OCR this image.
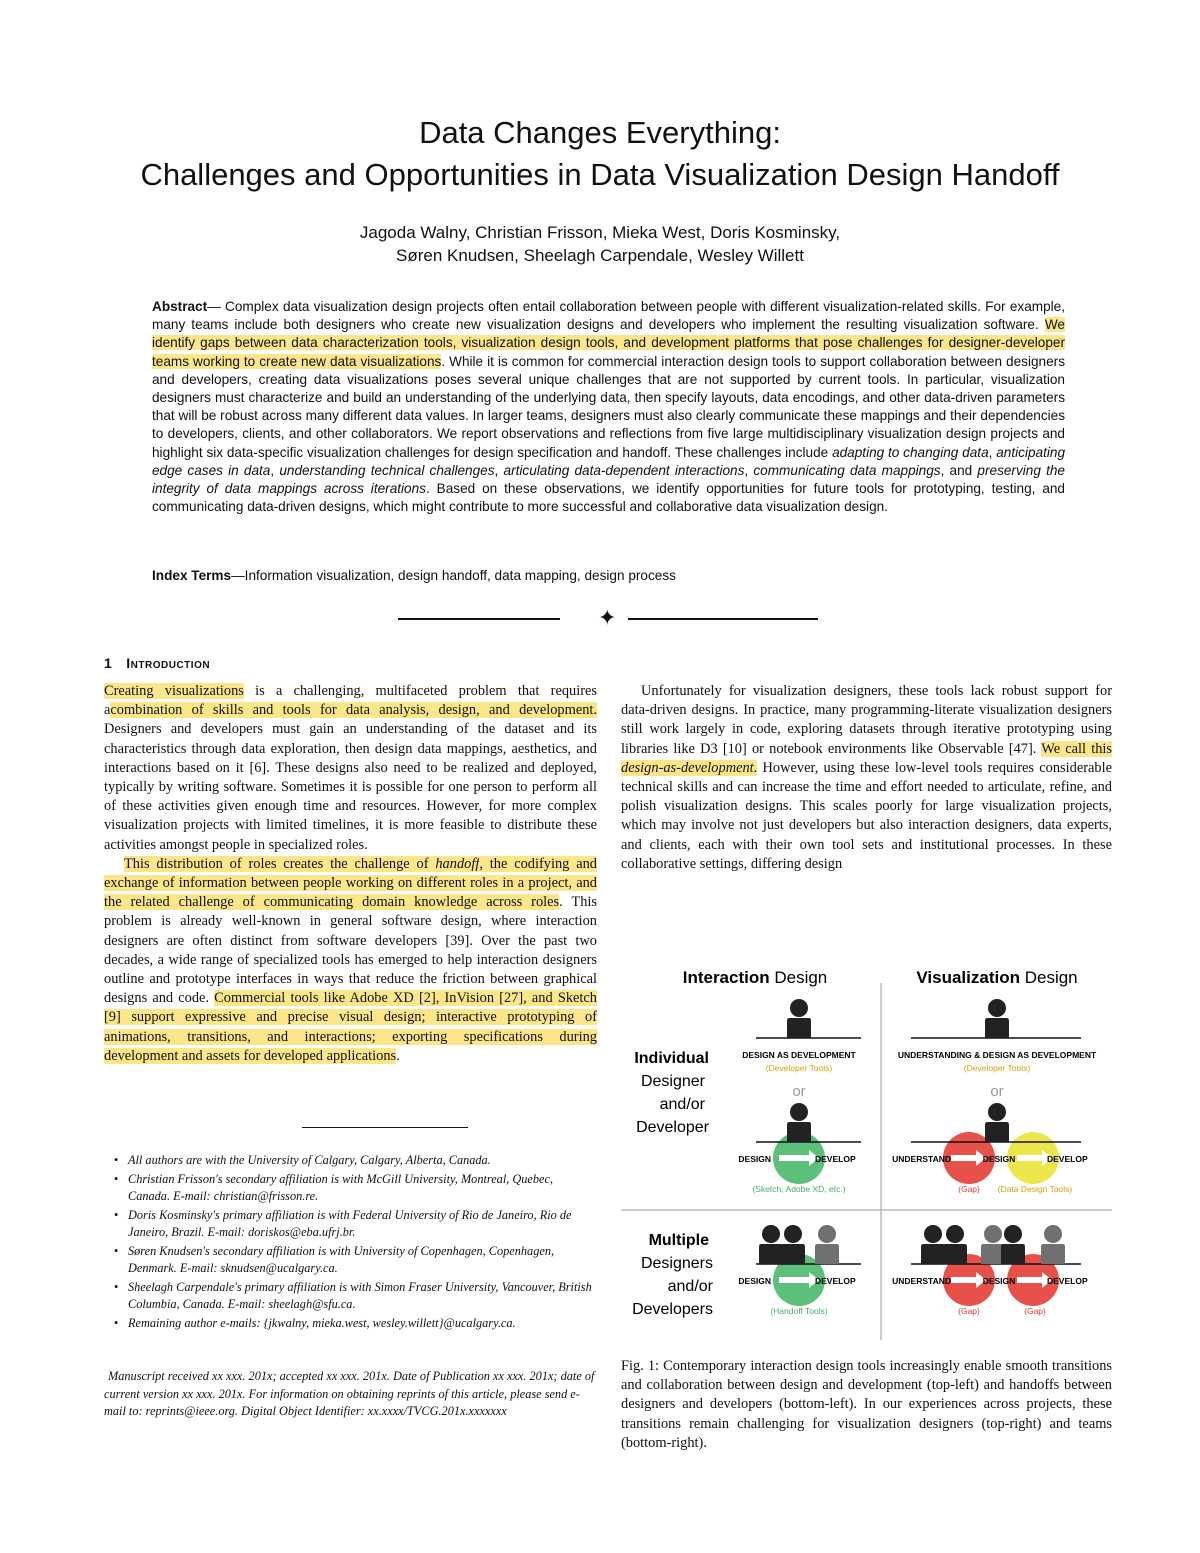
Data Changes Everything:
Challenges and Opportunities in Data Visualization Design Handoff
Jagoda Walny, Christian Frisson, Mieka West, Doris Kosminsky,
Søren Knudsen, Sheelagh Carpendale, Wesley Willett
Abstract— Complex data visualization design projects often entail collaboration between people with different visualization-related skills. For example, many teams include both designers who create new visualization designs and developers who implement the resulting visualization software. We identify gaps between data characterization tools, visualization design tools, and development platforms that pose challenges for designer-developer teams working to create new data visualizations. While it is common for commercial interaction design tools to support collaboration between designers and developers, creating data visualizations poses several unique challenges that are not supported by current tools. In particular, visualization designers must characterize and build an understanding of the underlying data, then specify layouts, data encodings, and other data-driven parameters that will be robust across many different data values. In larger teams, designers must also clearly communicate these mappings and their dependencies to developers, clients, and other collaborators. We report observations and reflections from five large multidisciplinary visualization design projects and highlight six data-specific visualization challenges for design specification and handoff. These challenges include adapting to changing data, anticipating edge cases in data, understanding technical challenges, articulating data-dependent interactions, communicating data mappings, and preserving the integrity of data mappings across iterations. Based on these observations, we identify opportunities for future tools for prototyping, testing, and communicating data-driven designs, which might contribute to more successful and collaborative data visualization design.
Index Terms—Information visualization, design handoff, data mapping, design process
✦
1 Introduction

Creating visualizations is a challenging, multifaceted problem that requires acombination of skills and tools for data analysis, design, and development. Designers and developers must gain an understanding of the dataset and its characteristics through data exploration, then design data mappings, aesthetics, and interactions based on it [6]. These designs also need to be realized and deployed, typically by writing software. Sometimes it is possible for one person to perform all of these activities given enough time and resources. However, for more complex visualization projects with limited timelines, it is more feasible to distribute these activities amongst people in specialized roles.

This distribution of roles creates the challenge of handoff, the codifying and exchange of information between people working on different roles in a project, and the related challenge of communicating domain knowledge across roles. This problem is already well-known in general software design, where interaction designers are often distinct from software developers [39]. Over the past two decades, a wide range of specialized tools has emerged to help interaction designers outline and prototype interfaces in ways that reduce the friction between graphical designs and code. Commercial tools like Adobe XD [2], InVision [27], and Sketch [9] support expressive and precise visual design; interactive prototyping of animations, transitions, and interactions; exporting specifications during development and assets for developed applications.

• All authors are with the University of Calgary, Calgary, Alberta, Canada.
• Christian Frisson's secondary affiliation is with McGill University, Montreal, Quebec, Canada. E-mail: christian@frisson.re.
• Doris Kosminsky's primary affiliation is with Federal University of Rio de Janeiro, Rio de Janeiro, Brazil. E-mail: doriskos@eba.ufrj.br.
• Søren Knudsen's secondary affiliation is with University of Copenhagen, Copenhagen, Denmark. E-mail: sknudsen@ucalgary.ca.
• Sheelagh Carpendale's primary affiliation is with Simon Fraser University, Vancouver, British Columbia, Canada. E-mail: sheelagh@sfu.ca.
• Remaining author e-mails: {jkwalny, mieka.west, wesley.willett}@ucalgary.ca.
Manuscript received xx xxx. 201x; accepted xx xxx. 201x. Date of Publication xx xxx. 201x; date of current version xx xxx. 201x. For information on obtaining reprints of this article, please send e-mail to: reprints@ieee.org. Digital Object Identifier: xx.xxxx/TVCG.201x.xxxxxxx

Unfortunately for visualization designers, these tools lack robust support for data-driven designs. In practice, many programming-literate visualization designers still work largely in code, exploring datasets through iterative prototyping using libraries like D3 [10] or notebook environments like Observable [47]. We call this design-as-development. However, using these low-level tools requires considerable technical skills and can increase the time and effort needed to articulate, refine, and polish visualization designs. This scales poorly for large visualization projects, which may involve not just developers but also interaction designers, data experts, and clients, each with their own tool sets and institutional processes. In these collaborative settings, differing design

Interaction Design	Visualization Design
Individual
Designer
and/or
Developer
Multiple
Designers
and/or
Developers
DESIGN AS DEVELOPMENT
(Developer Tools)
or
DESIGN	DEVELOP
(Sketch, Adobe XD, etc.)
UNDERSTANDING & DESIGN AS DEVELOPMENT
(Developer Tools)
or
UNDERSTAND	DESIGN	DEVELOP
(Gap) (Data Design Tools)
DESIGN	DEVELOP
(Handoff Tools)
UNDERSTAND	DESIGN	DEVELOP
(Gap)	(Gap)
Fig. 1: Contemporary interaction design tools increasingly enable smooth transitions and collaboration between design and development (top-left) and handoffs between designers and developers (bottom-left). In our experiences across projects, these transitions remain challenging for visualization designers (top-right) and teams (bottom-right).
